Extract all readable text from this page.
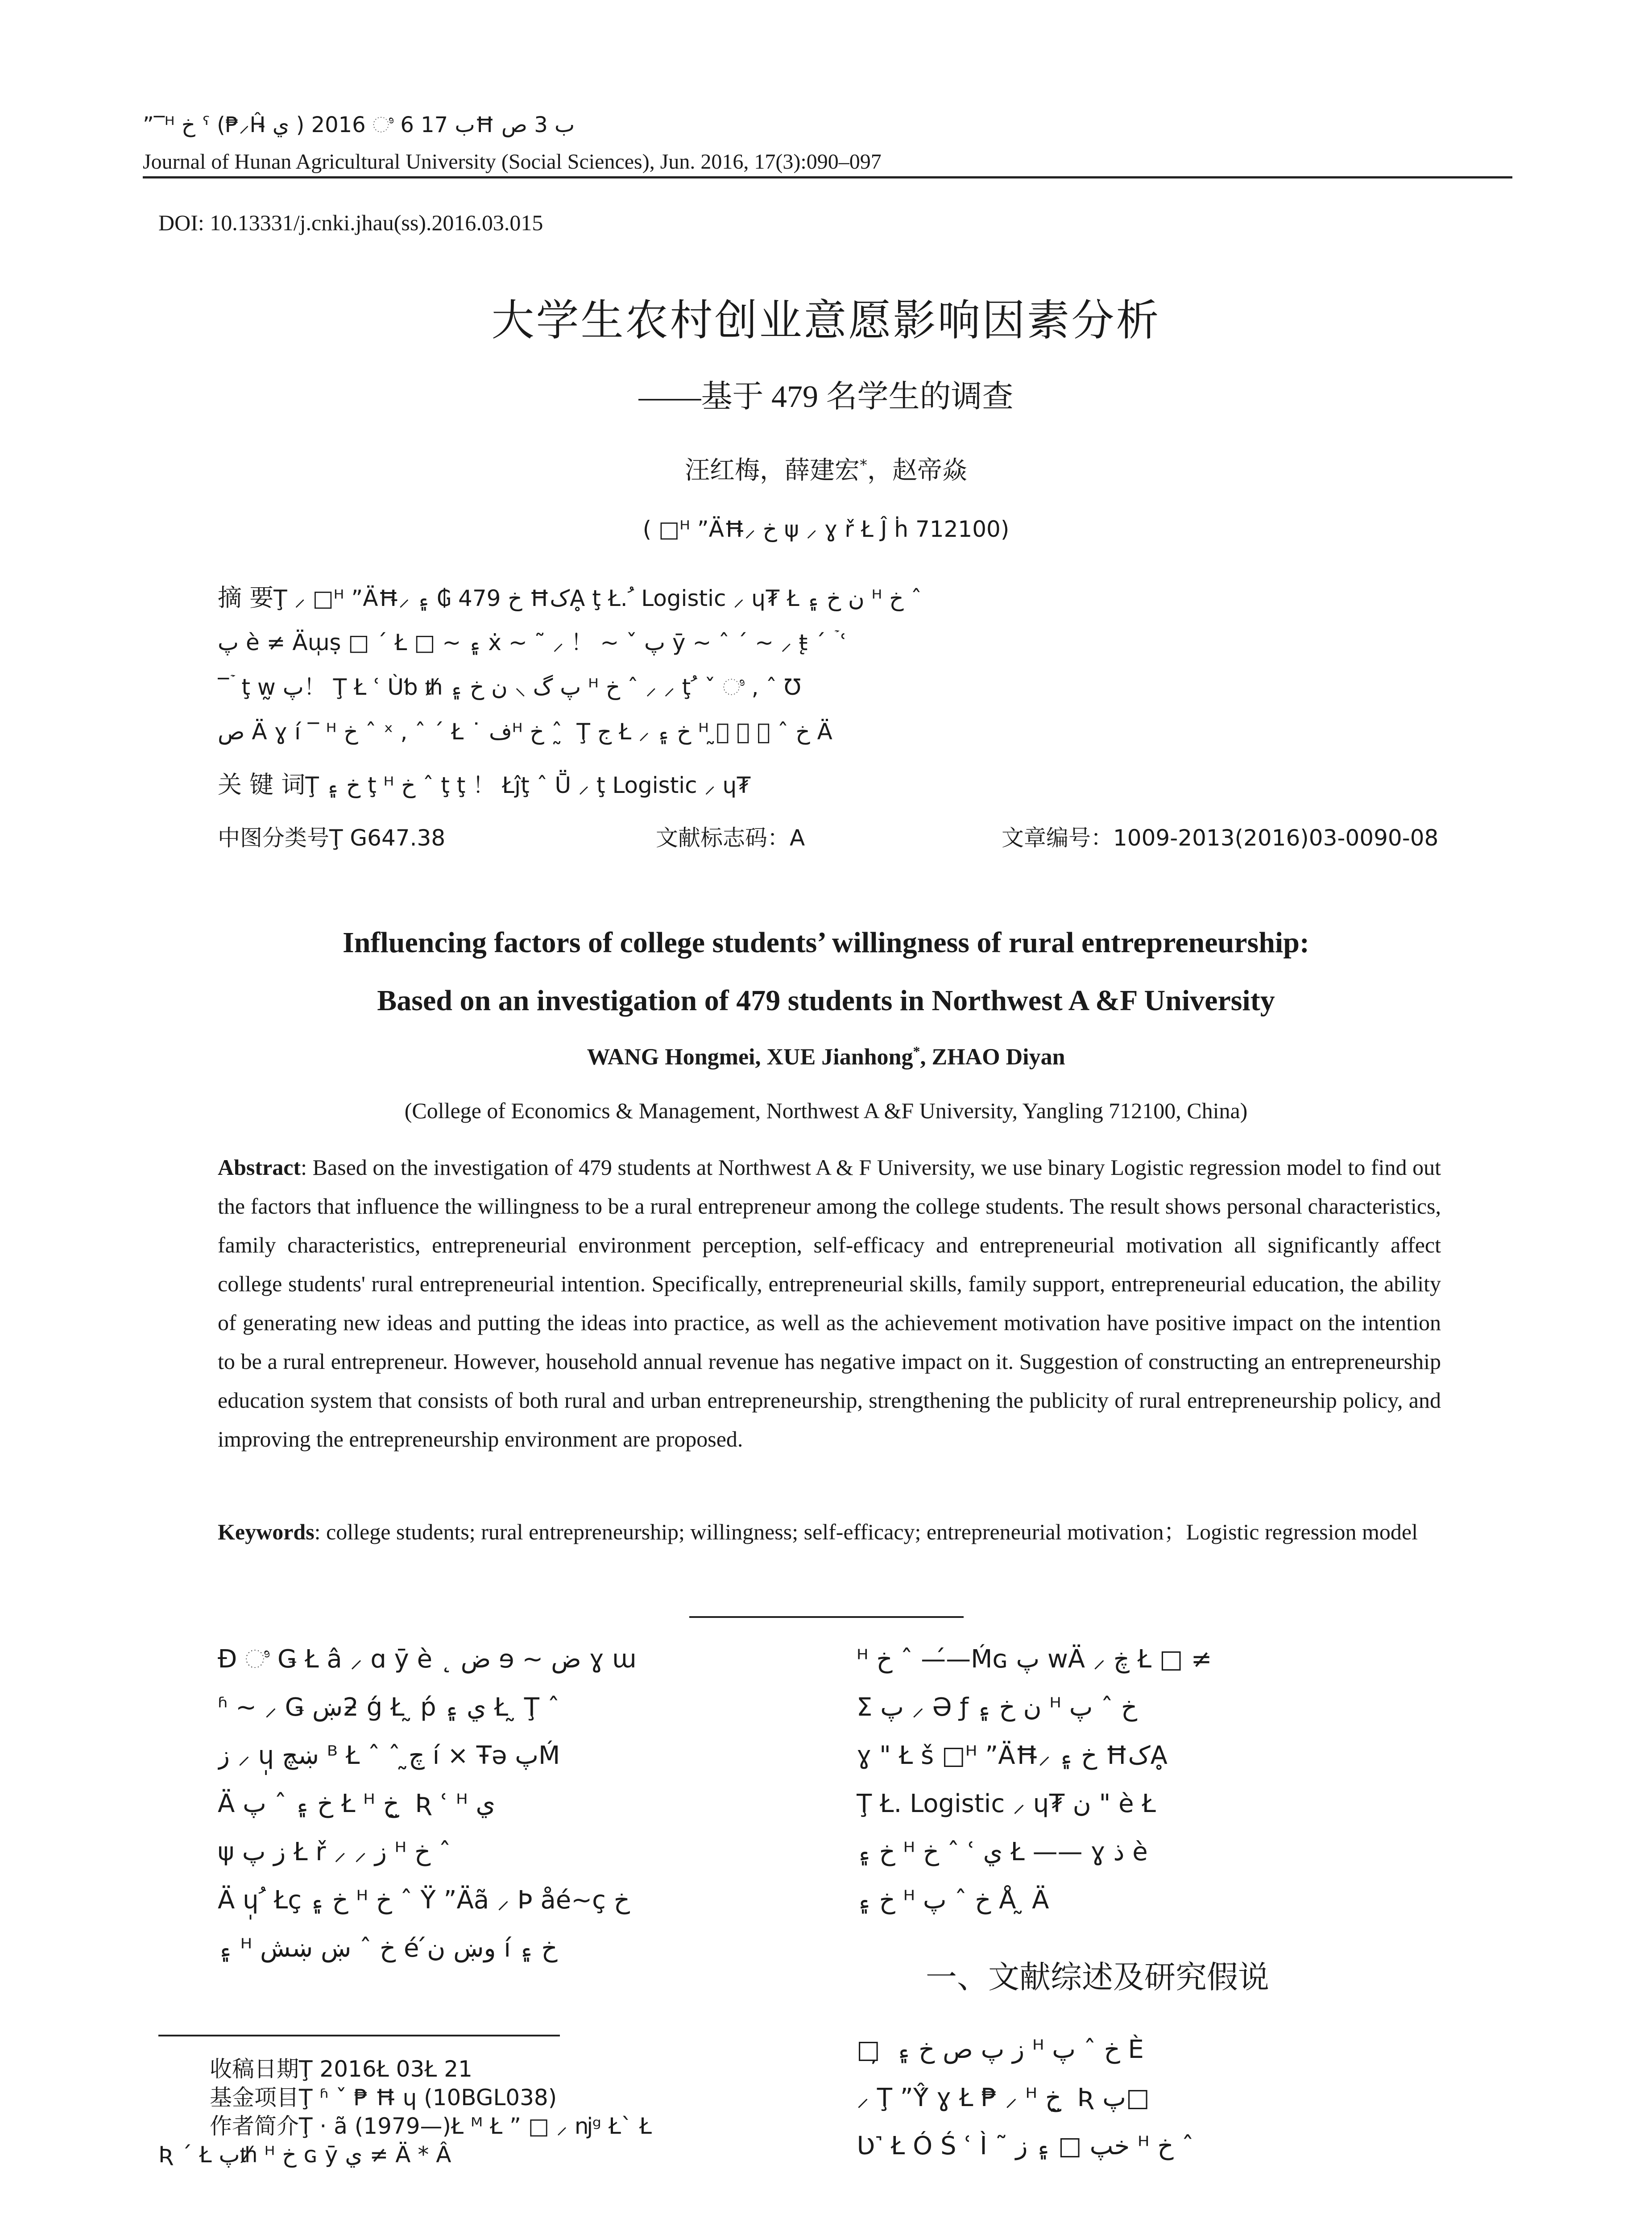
”‾ᴴ خ ˤ (₱⸝Ĥ̵ ي ) 2016 ಿ 6 ب 17Ħ ب 3 ص
Journal of Hunan Agricultural University (Social Sciences), Jun. 2016, 17(3):090–097
DOI: 10.13331/j.cnki.jhau(ss).2016.03.015
大学生农村创业意愿影响因素分析
——基于 479 名学生的调查
汪红梅，薛建宏*，赵帝焱
( □ᴴ ˮÄĦ̵⸝ خ ψ ⸝ ɣ ř Ł Ĵ ḣ 712100)
摘 要Ţ ⸝ □ᴴ ˮÄĦ̵⸝ خ 479 ₲ ۽ ĦکḀ ţ Ł. ُ Logistic ⸝ ɥ₮ Ł ن خ ۽ ᴴ خ ˆ
پ è ≠ Äɯ̩ṣ □ ´ Ł □ ~ ۽ ẋ ~ ˜ ⸝ ！ ~ ˇ پ ȳ ~ ˆ ´ ~ ⸝ ŧ̨ ´ ۡ ʿ
‾ ۡ ţ w̰ پ！ Ţ Ł ʿ Ùƅ ᵺ پ گ ⸝ ن خ ۽ ᴴ خ ˆ ⸝ ⸝ ţ ُ ˇ ಿ , ˆ Ʊ
ص Ä ɣ í ‾ ᴴ خ ˆ ˣ , ˆ ´ Ł ˙ فᴴ خ ˆ ̰ Ţ ج Ł ⸝ خ ۽ ᴴ خ ˆ ⸝ ⸝ ۂ̰ Ä
关 键 词Ţ خ ۽ ţ ᴴ خ ˆ ţ ţ ！ Łĵţ ˆ Ṻ ⸝ ţ Logistic ⸝ ɥ₮
中图分类号Ţ G647.38	文献标志码：A	文章编号：1009-2013(2016)03-0090-08
Influencing factors of college students’ willingness of rural entrepreneurship:
Based on an investigation of 479 students in Northwest A &F University
WANG Hongmei, XUE Jianhong*, ZHAO Diyan
(College of Economics & Management, Northwest A &F University, Yangling 712100, China)
Abstract: Based on the investigation of 479 students at Northwest A & F University, we use binary Logistic regression model to find out the factors that influence the willingness to be a rural entrepreneur among the college students. The result shows personal characteristics, family characteristics, entrepreneurial environment perception, self-efficacy and entrepreneurial motivation all significantly affect college students' rural entrepreneurial intention. Specifically, entrepreneurial skills, family support, entrepreneurial education, the ability of generating new ideas and putting the ideas into practice, as well as the achievement motivation have positive impact on the intention to be a rural entrepreneur. However, household annual revenue has negative impact on it. Suggestion of constructing an entrepreneurship education system that consists of both rural and urban entrepreneurship, strengthening the publicity of rural entrepreneurship policy, and improving the entrepreneurship environment are proposed.
Keywords: college students; rural entrepreneurship; willingness; self-efficacy; entrepreneurial motivation；Logistic regression model
Đ ಿ Ǥ Ł â ⸝ ɑ ȳ è ˛ ض ɘ ~ ض ɣ ɯ
ʱ ~ ⸝ Ǥ ښƻ ǵ Ł ̰ ṕ ي ۽ Ł ̰ Ţ ˆ
ز ⸝ ɥ̩ ښچ ᴮ Ł ˆ ˆ چ̰ í × Ŧə پḾ
Ä خ ۽ ˆ پ Ł ᴴ خ ̰ Ʀ ʿ ᴴ ي
ψ ز پ Ł ř ⸝ ⸝ ز ᴴ خ ˆ
Ä ɥ̩ ُ Łç خ ۽ ᴴ خ ˆ Ÿ ˮÄã ⸝ Þ åé~ç خ
۽ ᴴ خ ˆ ښ ښش é وښ ن́ í خ ۽
ᴴ خ ˆ ——́Ḿɢ پ wÄ ⸝ ڿ Ł □ ≠
Σ پ ⸝ Ә ƒ ن خ ۽ ᴴ خ ˆ پ
ɣ " Ł š □ᴴ ˮÄĦ̵⸝ خ ۽ ĦکḀ
Ţ Ł. Logistic ⸝ ɥ₮ ن " è Ł
خ ۽ ᴴ خ ˆ ʿ ي Ł —— ɣ ذ è
خ ۽ ᴴ خ ˆ پ Å ̰ Ä
一、文献综述及研究假说
□ ̦ ز پ ص خ ۽ ᴴ خ ˆ پ È
⸝ Ţ ˮŶ́ ɣ Ł ₱ ⸝ ᴴ خ ̰ Ʀ پ□
Ʋ˺ Ł Ó Ś ʿ Ì ˜ خپ □ ۽ ز ᴴ خ ˆ
收稿日期Ţ 2016Ł 03Ł 21
基金项目Ţ ʱ ˇ ₱ Ħ̵ ɥ (10BGL038)
作者简介Ţ · ã (1979—)Ł ᴹ Ł ” □ ⸝ ǌᵍ Ł` Ł
Ʀ ´ Ł پᵺ ᴴ خ ɢ ȳ ي ≠ Ä * Â
